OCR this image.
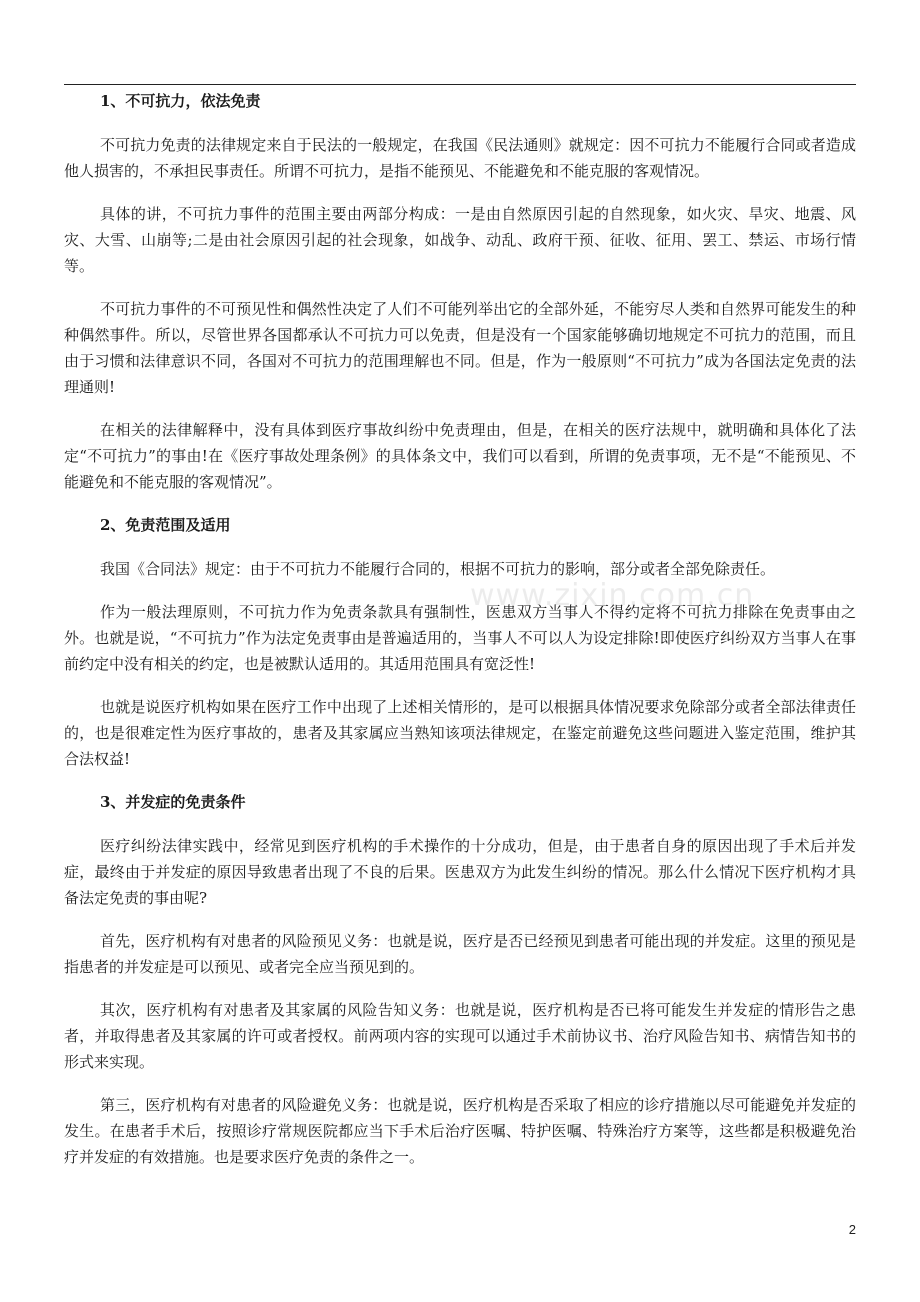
1、不可抗力，依法免责

不可抗力免责的法律规定来自于民法的一般规定，在我国《民法通则》就规定：因不可抗力不能履行合同或者造成他人损害的，不承担民事责任。所谓不可抗力，是指不能预见、不能避免和不能克服的客观情况。

具体的讲，不可抗力事件的范围主要由两部分构成：一是由自然原因引起的自然现象，如火灾、旱灾、地震、风灾、大雪、山崩等;二是由社会原因引起的社会现象，如战争、动乱、政府干预、征收、征用、罢工、禁运、市场行情等。

不可抗力事件的不可预见性和偶然性决定了人们不可能列举出它的全部外延，不能穷尽人类和自然界可能发生的种种偶然事件。所以，尽管世界各国都承认不可抗力可以免责，但是没有一个国家能够确切地规定不可抗力的范围，而且由于习惯和法律意识不同，各国对不可抗力的范围理解也不同。但是，作为一般原则“不可抗力”成为各国法定免责的法理通则!

在相关的法律解释中，没有具体到医疗事故纠纷中免责理由，但是，在相关的医疗法规中，就明确和具体化了法定“不可抗力”的事由!在《医疗事故处理条例》的具体条文中，我们可以看到，所谓的免责事项，无不是“不能预见、不能避免和不能克服的客观情况”。

2、免责范围及适用

我国《合同法》规定：由于不可抗力不能履行合同的，根据不可抗力的影响，部分或者全部免除责任。

作为一般法理原则，不可抗力作为免责条款具有强制性，医患双方当事人不得约定将不可抗力排除在免责事由之外。也就是说，“不可抗力”作为法定免责事由是普遍适用的，当事人不可以人为设定排除!即使医疗纠纷双方当事人在事前约定中没有相关的约定，也是被默认适用的。其适用范围具有宽泛性!

也就是说医疗机构如果在医疗工作中出现了上述相关情形的，是可以根据具体情况要求免除部分或者全部法律责任的，也是很难定性为医疗事故的，患者及其家属应当熟知该项法律规定，在鉴定前避免这些问题进入鉴定范围，维护其合法权益!

3、并发症的免责条件

医疗纠纷法律实践中，经常见到医疗机构的手术操作的十分成功，但是，由于患者自身的原因出现了手术后并发症，最终由于并发症的原因导致患者出现了不良的后果。医患双方为此发生纠纷的情况。那么什么情况下医疗机构才具备法定免责的事由呢?

首先，医疗机构有对患者的风险预见义务：也就是说，医疗是否已经预见到患者可能出现的并发症。这里的预见是指患者的并发症是可以预见、或者完全应当预见到的。

其次，医疗机构有对患者及其家属的风险告知义务：也就是说，医疗机构是否已将可能发生并发症的情形告之患者，并取得患者及其家属的许可或者授权。前两项内容的实现可以通过手术前协议书、治疗风险告知书、病情告知书的形式来实现。

第三，医疗机构有对患者的风险避免义务：也就是说，医疗机构是否采取了相应的诊疗措施以尽可能避免并发症的发生。在患者手术后，按照诊疗常规医院都应当下手术后治疗医嘱、特护医嘱、特殊治疗方案等，这些都是积极避免治疗并发症的有效措施。也是要求医疗免责的条件之一。

www.zixin.com.cn
2
